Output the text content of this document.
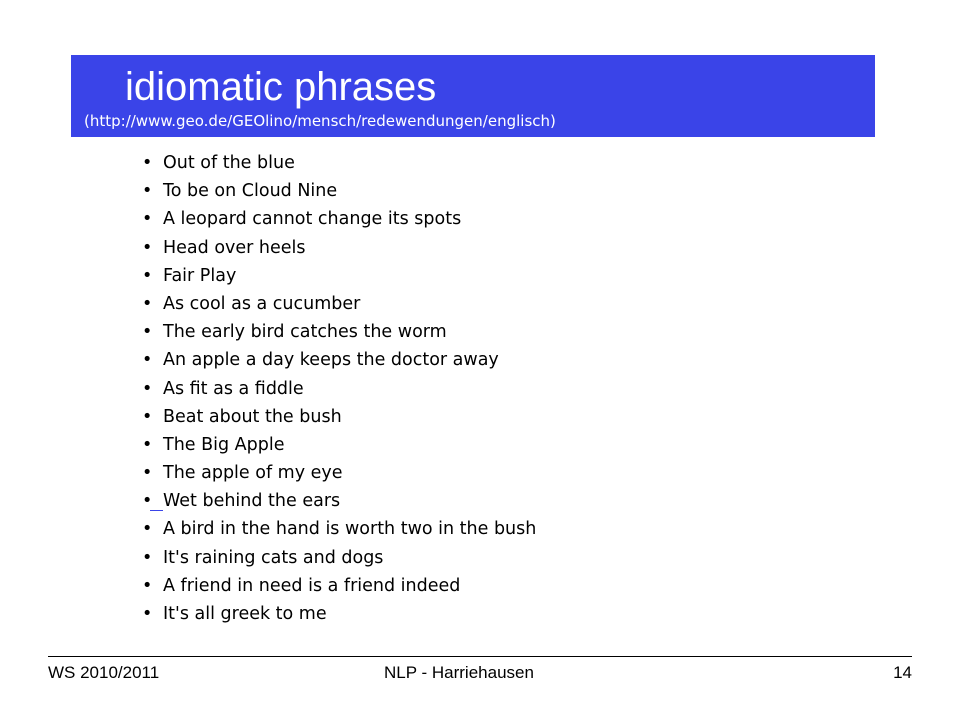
idiomatic phrases
(http://www.geo.de/GEOlino/mensch/redewendungen/englisch)
• Out of the blue
• To be on Cloud Nine
• A leopard cannot change its spots
• Head over heels
• Fair Play
• As cool as a cucumber
• The early bird catches the worm
• An apple a day keeps the doctor away
• As fit as a fiddle
• Beat about the bush
• The Big Apple
• The apple of my eye
• Wet behind the ears
• A bird in the hand is worth two in the bush
• It's raining cats and dogs
• A friend in need is a friend indeed
• It's all greek to me
WS 2010/2011	NLP - Harriehausen	14
